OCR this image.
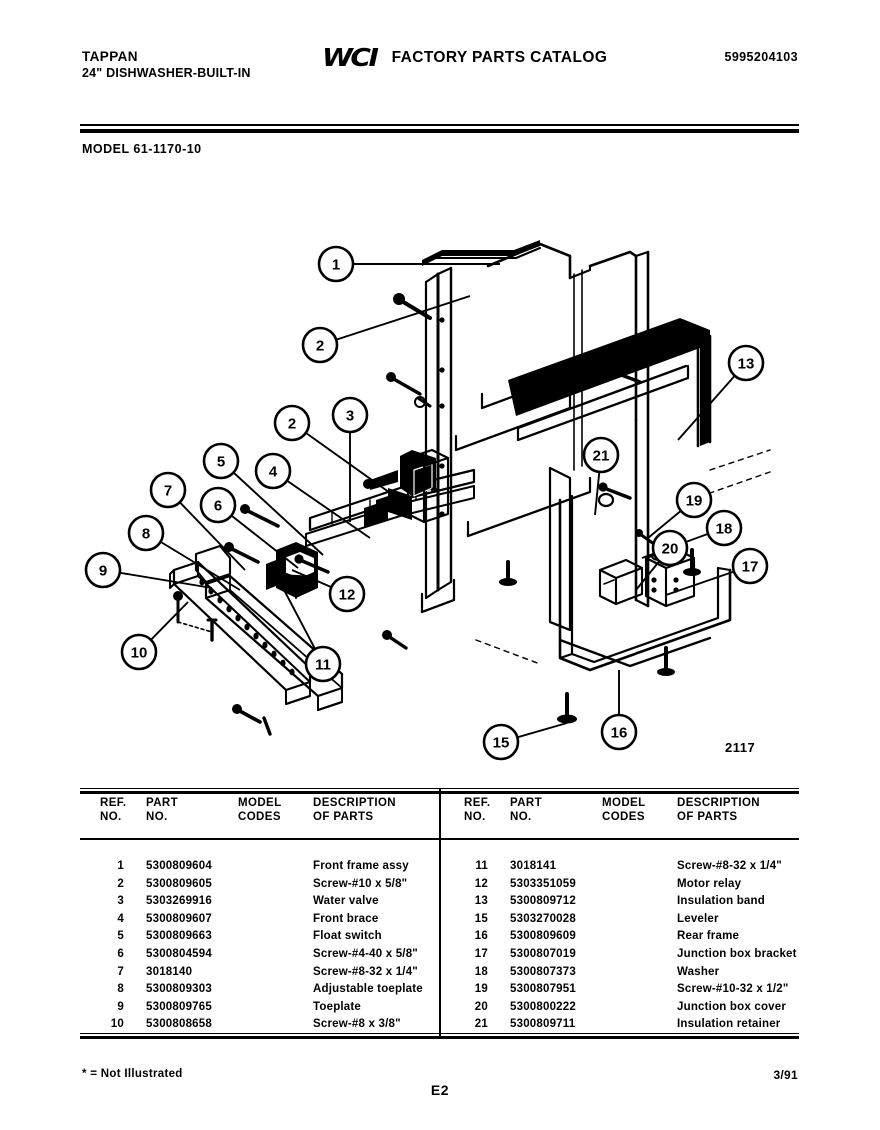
TAPPAN
24" DISHWASHER-BUILT-IN
WCI FACTORY PARTS CATALOG	5995204103
MODEL 61-1170-10
1
2
2	3
4
5
6
7
8
9
10
11
12
13
15
16
17
18
19
20
21
2117
REF.
NO.
PART
NO.
MODEL
CODES
DESCRIPTION
OF PARTS
1 5300809604	Front frame assy
2 5300809605	Screw-#10 x 5/8"
3 5303269916	Water valve
4 5300809607	Front brace
5 5300809663	Float switch
6 5300804594	Screw-#4-40 x 5/8"
7 3018140	Screw-#8-32 x 1/4"
8 5300809303	Adjustable toeplate
9 5300809765	Toeplate
10 5300808658	Screw-#8 x 3/8"
REF.
NO.
PART
NO.
MODEL
CODES
DESCRIPTION
OF PARTS
11 3018141	Screw-#8-32 x 1/4"
12 5303351059	Motor relay
13 5300809712	Insulation band
15 5303270028	Leveler
16 5300809609	Rear frame
17 5300807019	Junction box bracket
18 5300807373	Washer
19 5300807951	Screw-#10-32 x 1/2"
20 5300800222	Junction box cover
21 5300809711	Insulation retainer
* = Not Illustrated
E2
3/91
